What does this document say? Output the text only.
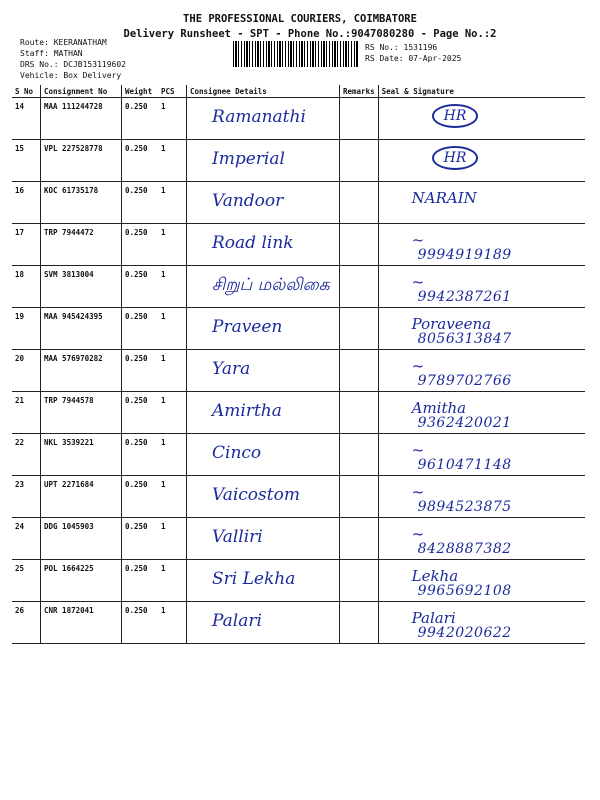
THE PROFESSIONAL COURIERS, COIMBATORE
Delivery Runsheet - SPT - Phone No.:9047080280 - Page No.:2
Route: KEERANATHAM
Staff: MATHAN
DRS No.: DCJB153119602
Vehicle: Box Delivery
RS No.: 1531196
RS Date: 07-Apr-2025
S No	Consignment No	Weight	PCS	Consignee Details	Remarks	Seal & Signature
14	MAA 111244728	0.250	1	Ramanathi		HR
15	VPL 227528778	0.250	1	Imperial		HR
16	KOC 61735178	0.250	1	Vandoor		NARAIN

17	TRP 7944472	0.250	1	Road link		~
9994919189

18	SVM 3813004	0.250	1	சிறுப் மல்லிகை		~
9942387261

19	MAA 945424395	0.250	1	Praveen		Poraveena
8056313847

20	MAA 576970282	0.250	1	Yara		~
9789702766

21	TRP 7944578	0.250	1	Amirtha		Amitha
9362420021

22	NKL 3539221	0.250	1	Cinco		~
9610471148

23	UPT 2271684	0.250	1	Vaicostom		~
9894523875

24	DDG 1045903	0.250	1	Valliri		~
8428887382

25	POL 1664225	0.250	1	Sri Lekha		Lekha
9965692108

26	CNR 1872041	0.250	1	Palari		Palari
9942020622
